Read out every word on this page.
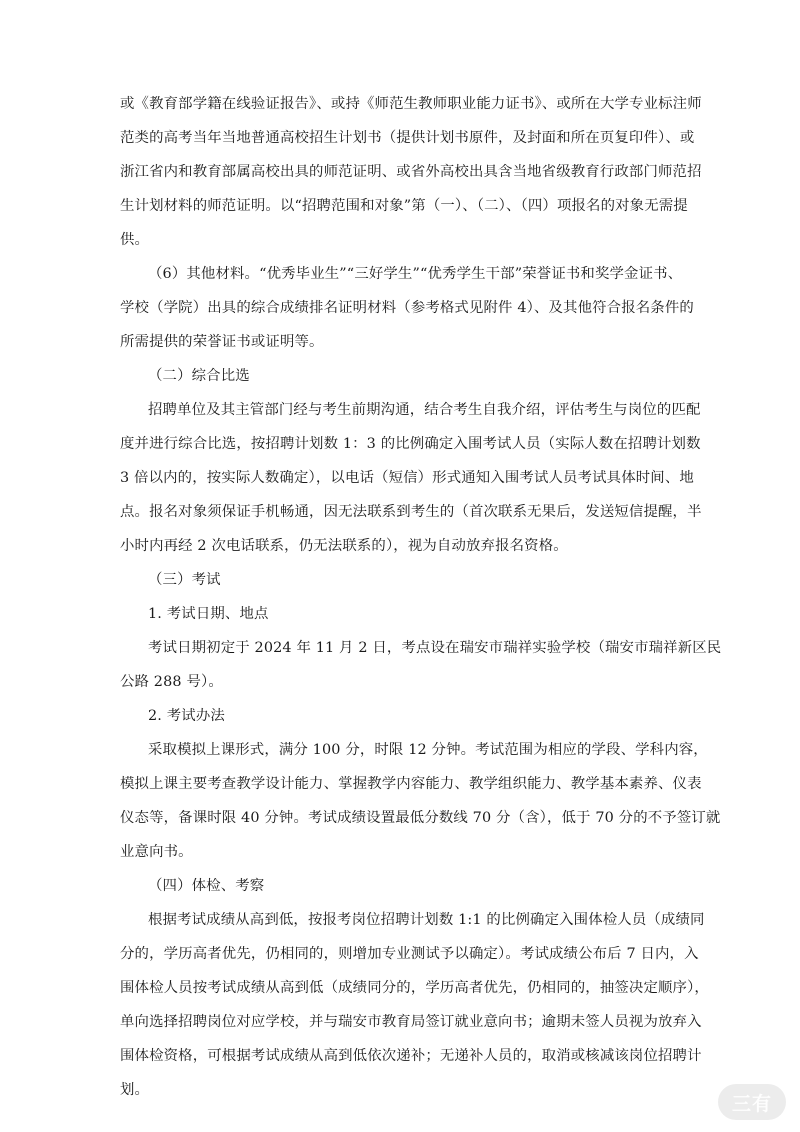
或《教育部学籍在线验证报告》、或持《师范生教师职业能力证书》、或所在大学专业标注师
范类的高考当年当地普通高校招生计划书（提供计划书原件，及封面和所在页复印件）、或
浙江省内和教育部属高校出具的师范证明、或省外高校出具含当地省级教育行政部门师范招
生计划材料的师范证明。以“招聘范围和对象”第（一）、（二）、（四）项报名的对象无需提
供。
（6）其他材料。“优秀毕业生”“三好学生”“优秀学生干部”荣誉证书和奖学金证书、
学校（学院）出具的综合成绩排名证明材料（参考格式见附件 4）、及其他符合报名条件的
所需提供的荣誉证书或证明等。
（二）综合比选
招聘单位及其主管部门经与考生前期沟通，结合考生自我介绍，评估考生与岗位的匹配
度并进行综合比选，按招聘计划数 1：3 的比例确定入围考试人员（实际人数在招聘计划数
3 倍以内的，按实际人数确定），以电话（短信）形式通知入围考试人员考试具体时间、地
点。报名对象须保证手机畅通，因无法联系到考生的（首次联系无果后，发送短信提醒，半
小时内再经 2 次电话联系，仍无法联系的），视为自动放弃报名资格。
（三）考试
1. 考试日期、地点
考试日期初定于 2024 年 11 月 2 日，考点设在瑞安市瑞祥实验学校（瑞安市瑞祥新区民
公路 288 号）。
2. 考试办法
采取模拟上课形式，满分 100 分，时限 12 分钟。考试范围为相应的学段、学科内容，
模拟上课主要考查教学设计能力、掌握教学内容能力、教学组织能力、教学基本素养、仪表
仪态等，备课时限 40 分钟。考试成绩设置最低分数线 70 分（含），低于 70 分的不予签订就
业意向书。
（四）体检、考察
根据考试成绩从高到低，按报考岗位招聘计划数 1:1 的比例确定入围体检人员（成绩同
分的，学历高者优先，仍相同的，则增加专业测试予以确定）。考试成绩公布后 7 日内，入
围体检人员按考试成绩从高到低（成绩同分的，学历高者优先，仍相同的，抽签决定顺序），
单向选择招聘岗位对应学校，并与瑞安市教育局签订就业意向书；逾期未签人员视为放弃入
围体检资格，可根据考试成绩从高到低依次递补；无递补人员的，取消或核减该岗位招聘计
划。
三有
